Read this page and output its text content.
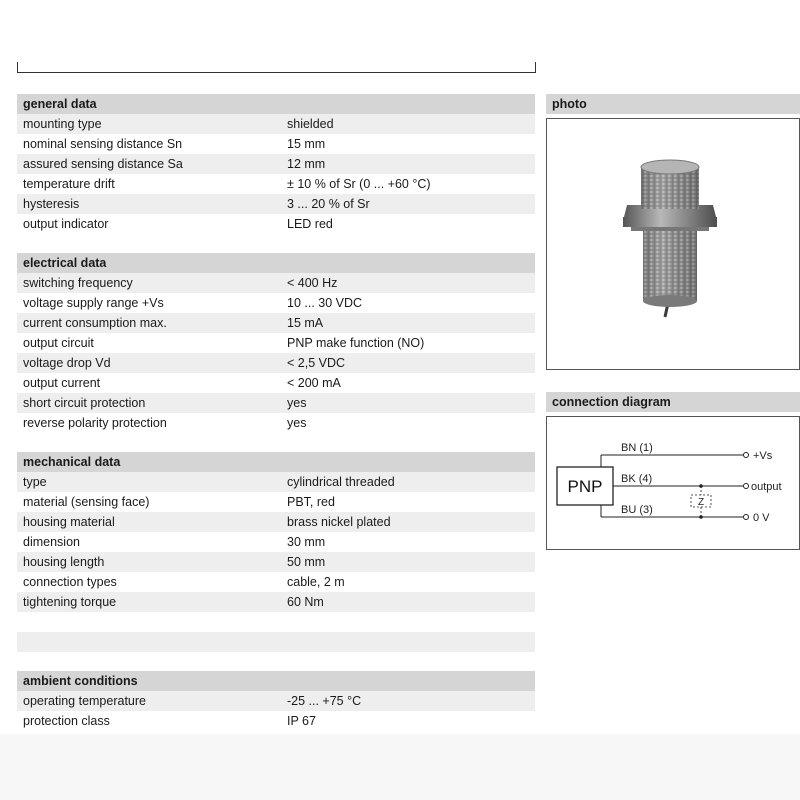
general data
mounting type	shielded
nominal sensing distance Sn	15 mm
assured sensing distance Sa	12 mm
temperature drift	± 10 % of Sr (0 ... +60 °C)
hysteresis	3 ... 20 % of Sr
output indicator	LED red
electrical data
switching frequency	< 400 Hz
voltage supply range +Vs	10 ... 30 VDC
current consumption max.	15 mA
output circuit	PNP make function (NO)
voltage drop Vd	< 2,5 VDC
output current	< 200 mA
short circuit protection	yes
reverse polarity protection	yes
mechanical data
type	cylindrical threaded
material (sensing face)	PBT, red
housing material	brass nickel plated
dimension	30 mm
housing length	50 mm
connection types	cable, 2 m
tightening torque	60 Nm
ambient conditions
operating temperature	-25 ... +75 °C
protection class	IP 67
photo
connection diagram
PNP
BN (1)
+Vs
BK (4)
output
BU (3)
0 V
Z
